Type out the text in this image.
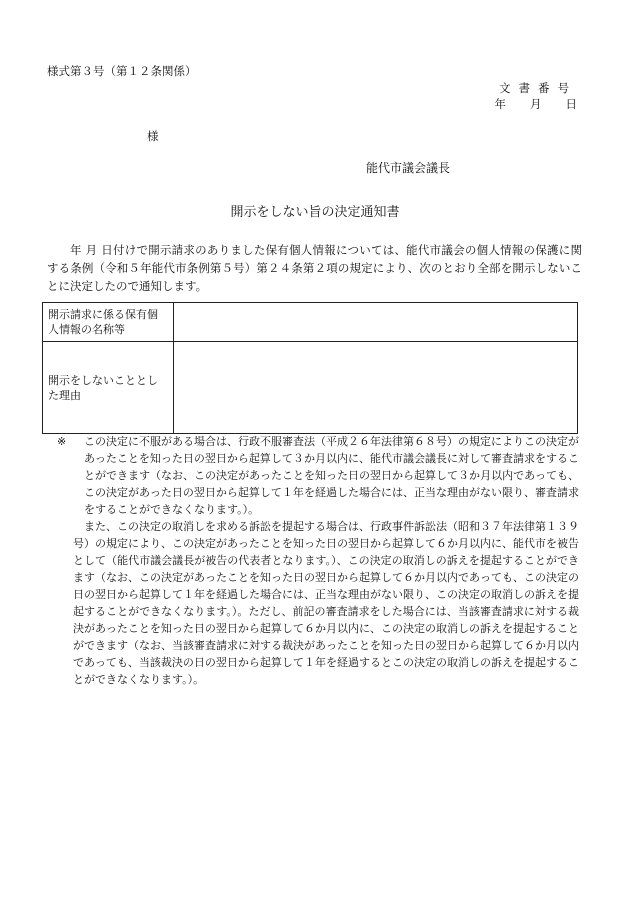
様式第３号（第１２条関係）
文書番号
年 月 日
様
能代市議会議長
開示をしない旨の決定通知書
年 月 日付けで開示請求のありました保有個人情報については、能代市議会の個人情報の保護に関する条例（令和５年能代市条例第５号）第２４条第２項の規定により、次のとおり全部を開示しないことに決定したので通知します。
開示請求に係る保有個人情報の名称等	
開示をしないこととした理由	
※	この決定に不服がある場合は、行政不服審査法（平成２６年法律第６８号）の規定によりこの決定があったことを知った日の翌日から起算して３か月以内に、能代市議会議長に対して審査請求をすることができます（なお、この決定があったことを知った日の翌日から起算して３か月以内であっても、この決定があった日の翌日から起算して１年を経過した場合には、正当な理由がない限り、審査請求をすることができなくなります。）。

また、この決定の取消しを求める訴訟を提起する場合は、行政事件訴訟法（昭和３７年法律第１３９号）の規定により、この決定があったことを知った日の翌日から起算して６か月以内に、能代市を被告として（能代市議会議長が被告の代表者となります。）、この決定の取消しの訴えを提起することができます（なお、この決定があったことを知った日の翌日から起算して６か月以内であっても、この決定の日の翌日から起算して１年を経過した場合には、正当な理由がない限り、この決定の取消しの訴えを提起することができなくなります。）。ただし、前記の審査請求をした場合には、当該審査請求に対する裁決があったことを知った日の翌日から起算して６か月以内に、この決定の取消しの訴えを提起することができます（なお、当該審査請求に対する裁決があったことを知った日の翌日から起算して６か月以内であっても、当該裁決の日の翌日から起算して１年を経過するとこの決定の取消しの訴えを提起することができなくなります。）。
